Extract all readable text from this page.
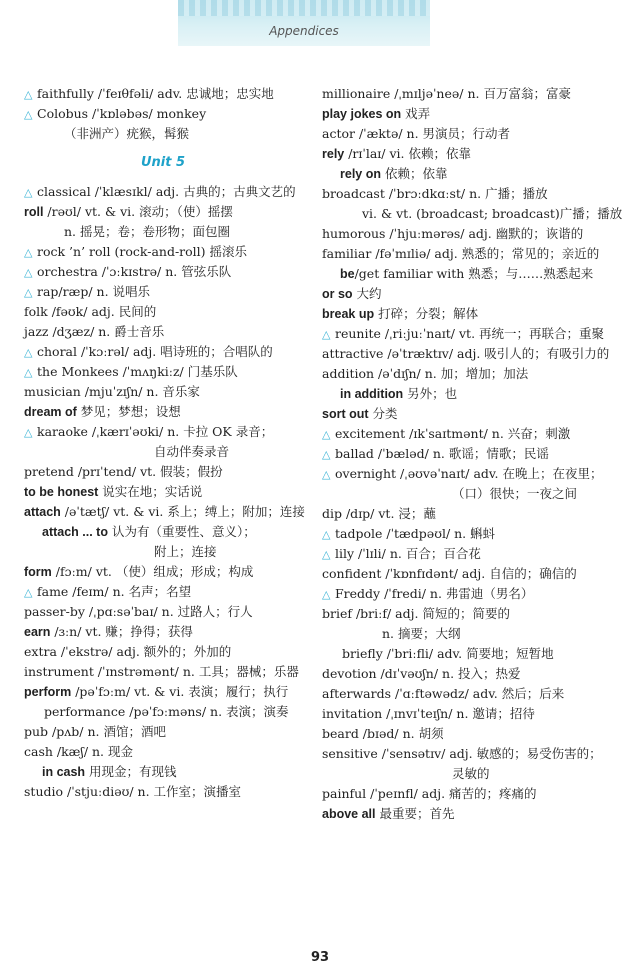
Appendices
△ faithfully /ˈfeɪθfəli/ adv. 忠诚地；忠实地
△ Colobus /ˈkɒləbəs/ monkey
（非洲产）疣猴，髯猴
Unit 5
△ classical /ˈklæsɪkl/ adj. 古典的；古典文艺的
roll /rəʊl/ vt. & vi. 滚动；（使）摇摆
n. 摇晃；卷；卷形物；面包圈
△ rock ’n’ roll (rock-and-roll) 摇滚乐
△ orchestra /ˈɔːkɪstrə/ n. 管弦乐队
△ rap/ræp/ n. 说唱乐
folk /fəʊk/ adj. 民间的
jazz /dʒæz/ n. 爵士音乐
△ choral /ˈkɔːrəl/ adj. 唱诗班的；合唱队的
△ the Monkees /ˈmʌŋkiːz/ 门基乐队
musician /mjuˈzɪʃn/ n. 音乐家
dream of 梦见；梦想；设想
△ karaoke /ˌkærɪˈəʊki/ n. 卡拉 OK 录音；
自动伴奏录音
pretend /prɪˈtend/ vt. 假装；假扮
to be honest 说实在地；实话说
attach /əˈtætʃ/ vt. & vi. 系上；缚上；附加；连接
attach ... to 认为有（重要性、意义）；
附上；连接
form /fɔːm/ vt. （使）组成；形成；构成
△ fame /feɪm/ n. 名声；名望
passer-by /ˌpɑːsəˈbaɪ/ n. 过路人；行人
earn /ɜːn/ vt. 赚；挣得；获得
extra /ˈekstrə/ adj. 额外的；外加的
instrument /ˈɪnstrəmənt/ n. 工具；器械；乐器
perform /pəˈfɔːm/ vt. & vi. 表演；履行；执行
performance /pəˈfɔːməns/ n. 表演；演奏
pub /pʌb/ n. 酒馆；酒吧
cash /kæʃ/ n. 现金
in cash 用现金；有现钱
studio /ˈstjuːdiəʊ/ n. 工作室；演播室
millionaire /ˌmɪljəˈneə/ n. 百万富翁；富豪
play jokes on 戏弄
actor /ˈæktə/ n. 男演员；行动者
rely /rɪˈlaɪ/ vi. 依赖；依靠
rely on 依赖；依靠
broadcast /ˈbrɔːdkɑːst/ n. 广播；播放
vi. & vt. (broadcast; broadcast)广播；播放
humorous /ˈhjuːmərəs/ adj. 幽默的；诙谐的
familiar /fəˈmɪliə/ adj. 熟悉的；常见的；亲近的
be/get familiar with 熟悉；与……熟悉起来
or so 大约
break up 打碎；分裂；解体
△ reunite /ˌriːjuːˈnaɪt/ vt. 再统一；再联合；重聚
attractive /əˈtræktɪv/ adj. 吸引人的；有吸引力的
addition /əˈdɪʃn/ n. 加；增加；加法
in addition 另外；也
sort out 分类
△ excitement /ɪkˈsaɪtmənt/ n. 兴奋；刺激
△ ballad /ˈbæləd/ n. 歌谣；情歌；民谣
△ overnight /ˌəʊvəˈnaɪt/ adv. 在晚上；在夜里；
（口）很快；一夜之间
dip /dɪp/ vt. 浸；蘸
△ tadpole /ˈtædpəʊl/ n. 蝌蚪
△ lily /ˈlɪli/ n. 百合；百合花
confident /ˈkɒnfɪdənt/ adj. 自信的；确信的
△ Freddy /ˈfredi/ n. 弗雷迪（男名）
brief /briːf/ adj. 简短的；简要的
n. 摘要；大纲
briefly /ˈbriːfli/ adv. 简要地；短暂地
devotion /dɪˈvəʊʃn/ n. 投入；热爱
afterwards /ˈɑːftəwədz/ adv. 然后；后来
invitation /ˌɪnvɪˈteɪʃn/ n. 邀请；招待
beard /bɪəd/ n. 胡须
sensitive /ˈsensətɪv/ adj. 敏感的；易受伤害的；
灵敏的
painful /ˈpeɪnfl/ adj. 痛苦的；疼痛的
above all 最重要；首先
93
